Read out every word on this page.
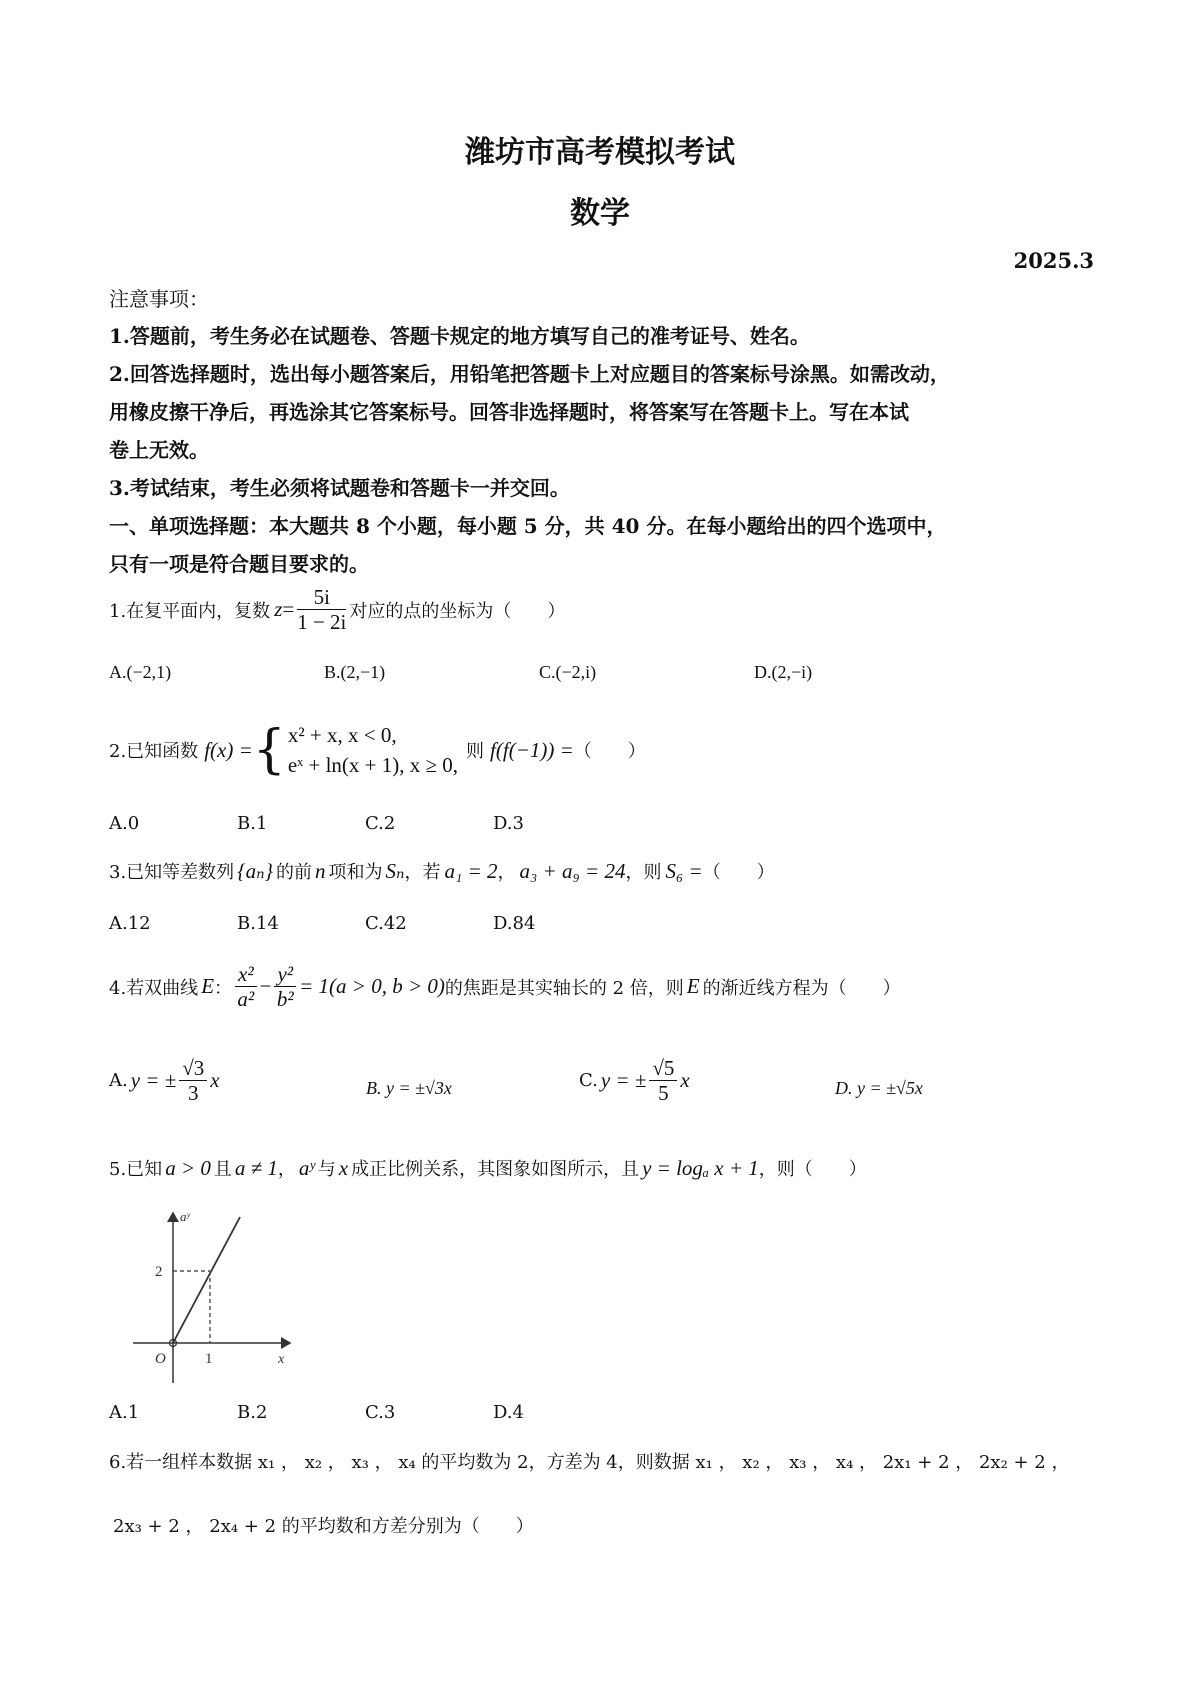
潍坊市高考模拟考试
数学
2025.3
注意事项：
1.答题前，考生务必在试题卷、答题卡规定的地方填写自己的准考证号、姓名。
2.回答选择题时，选出每小题答案后，用铅笔把答题卡上对应题目的答案标号涂黑。如需改动，
用橡皮擦干净后，再选涂其它答案标号。回答非选择题时，将答案写在答题卡上。写在本试
卷上无效。
3.考试结束，考生必须将试题卷和答题卡一并交回。
一、单项选择题：本大题共 8 个小题，每小题 5 分，共 40 分。在每小题给出的四个选项中，
只有一项是符合题目要求的。
1.在复平面内，复数 $z = \frac{5i}{1 - 2i}$ 对应的点的坐标为（　　）
A.(−2,1)	B.(2,−1)	C.(−2,i)	D.(2,−i)
2.已知函数 f(x) = { x² + x, x < 0,
eˣ + ln(x + 1), x ≥ 0,
则 f(f(−1)) = （　　）
A.0	B.1	C.2	D.3
3.已知等差数列 {aₙ} 的前 n 项和为 Sₙ ，若 a₁ = 2 ， a₃ + a₉ = 24 ，则 S₆ = （　　）
A.12	B.14	C.42	D.84
4.若双曲线 E ： $\frac{\text{x²}}{\text{a²}} - \frac{\text{y²}}{\text{b²}} = 1(a > 0$, b > 0) 的焦距是其实轴长的 2 倍，则 E 的渐近线方程为（　　）
A. y = ± $\frac{√3}{3}$ x	B. y = ±√3x	C. y = ± $\frac{√5}{5}$ x	D. y = ±√5x
5.已知 a > 0 且 a ≠ 1 ， aʸ 与 x 成正比例关系，其图象如图所示，且 y = logₐ x + 1 ，则（　　）
aʸ
x
O
2
1
A.1	B.2	C.3	D.4
6.若一组样本数据 x₁ ， x₂ ， x₃ ， x₄ 的平均数为 2，方差为 4，则数据 x₁ ， x₂ ， x₃ ， x₄ ， 2x₁ + 2 ， 2x₂ + 2 ，
2x₃ + 2 ， 2x₄ + 2 的平均数和方差分别为（　　）
